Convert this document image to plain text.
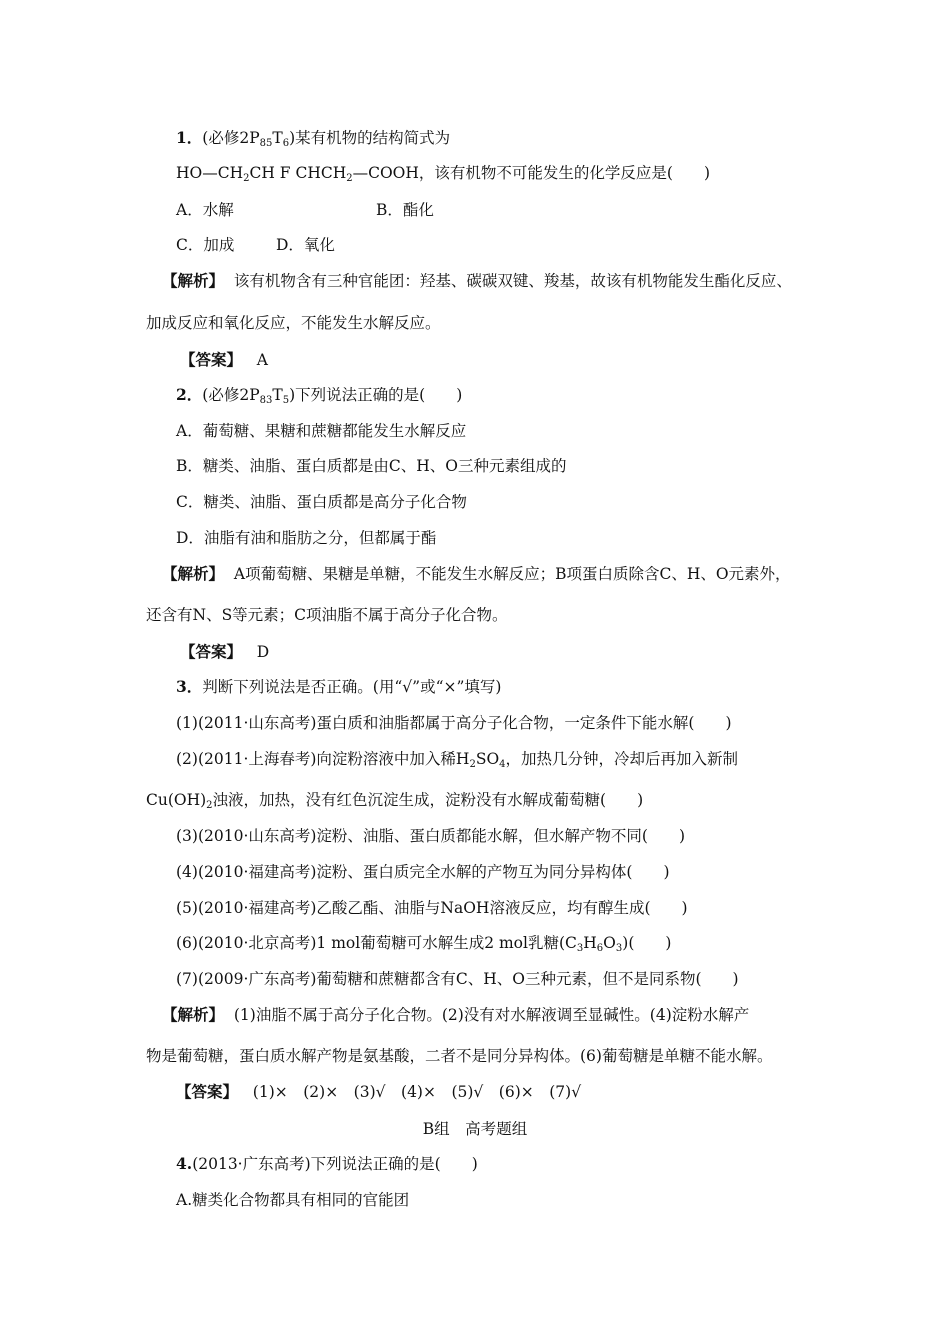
1．(必修$2P_{85}T_6$)某有机物的结构简式为
$HO—CH_2CH$ F $CHCH_2—COOH$，该有机物不可能发生的化学反应是(　　)
A．水解	B．酯化
C．加成	D．氧化
【解析】 该有机物含有三种官能团：羟基、碳碳双键、羧基，故该有机物能发生酯化反应、
加成反应和氧化反应，不能发生水解反应。
【答案】 A
2．(必修$2P_{83}T_5$)下列说法正确的是(　　)
A．葡萄糖、果糖和蔗糖都能发生水解反应
B．糖类、油脂、蛋白质都是由C、H、O三种元素组成的
C．糖类、油脂、蛋白质都是高分子化合物
D．油脂有油和脂肪之分，但都属于酯
【解析】 A项葡萄糖、果糖是单糖，不能发生水解反应；B项蛋白质除含C、H、O元素外，
还含有N、S等元素；C项油脂不属于高分子化合物。
【答案】 D
3．判断下列说法是否正确。(用“√”或“×”填写)
(1)(2011·山东高考)蛋白质和油脂都属于高分子化合物，一定条件下能水解(　　)
(2)(2011·上海春考)向淀粉溶液中加入稀$H_2SO_4$，加热几分钟，冷却后再加入新制
$Cu(OH)_2$浊液，加热，没有红色沉淀生成，淀粉没有水解成葡萄糖(　　)
(3)(2010·山东高考)淀粉、油脂、蛋白质都能水解，但水解产物不同(　　)
(4)(2010·福建高考)淀粉、蛋白质完全水解的产物互为同分异构体(　　)
(5)(2010·福建高考)乙酸乙酯、油脂与NaOH溶液反应，均有醇生成(　　)
(6)(2010·北京高考)1 mol葡萄糖可水解生成2 mol乳糖$(C_3H_6O_3)$(　　)
(7)(2009·广东高考)葡萄糖和蔗糖都含有C、H、O三种元素，但不是同系物(　　)
【解析】 (1)油脂不属于高分子化合物。(2)没有对水解液调至显碱性。(4)淀粉水解产
物是葡萄糖，蛋白质水解产物是氨基酸，二者不是同分异构体。(6)葡萄糖是单糖不能水解。
【答案】 (1)×　(2)×　(3)√　(4)×　(5)√　(6)×　(7)√
B组　高考题组
4.(2013·广东高考)下列说法正确的是(　　)
A.糖类化合物都具有相同的官能团
